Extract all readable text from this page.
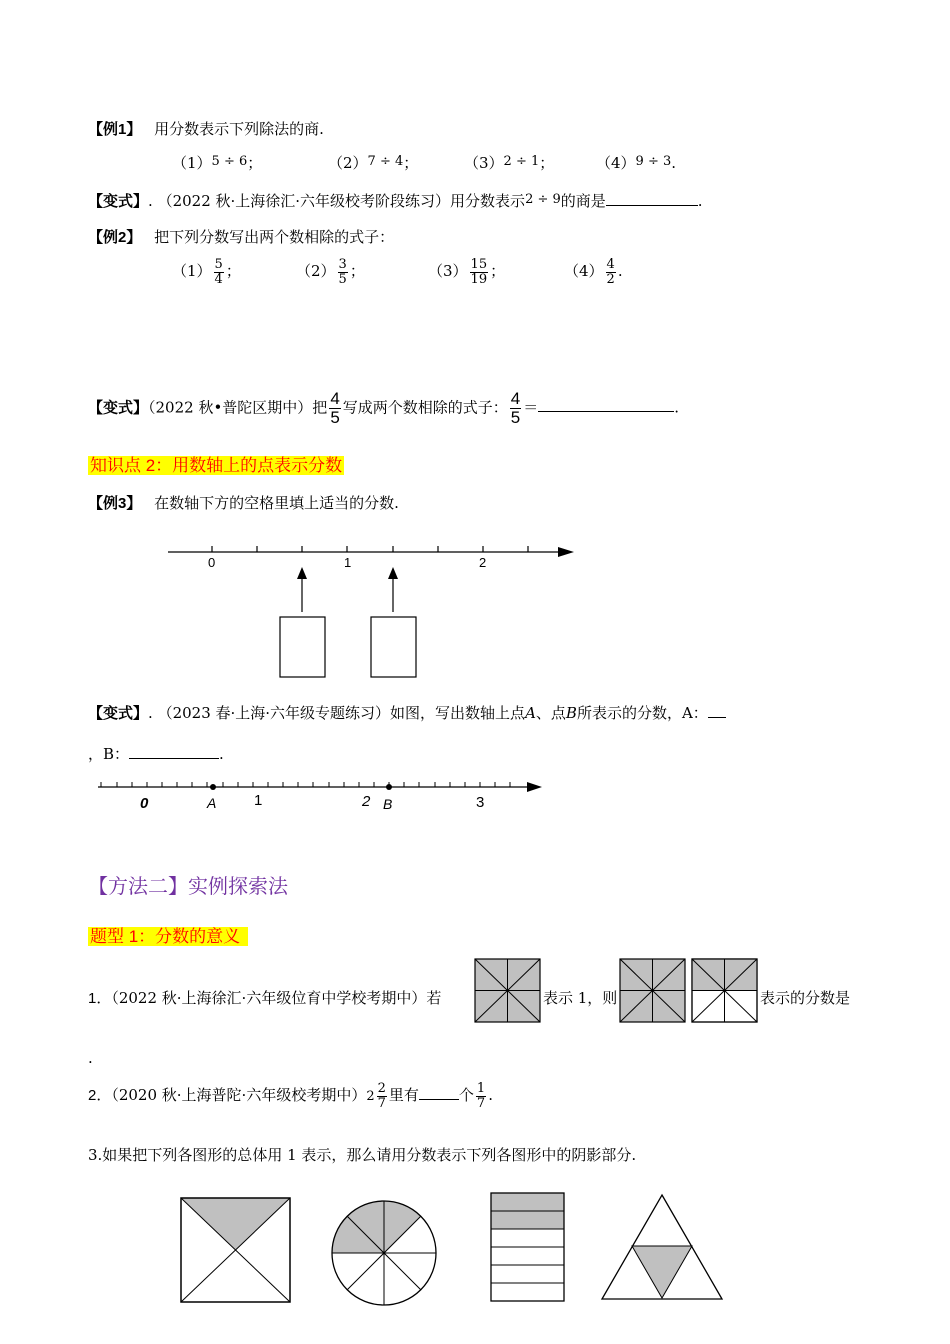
【例1】 用分数表示下列除法的商.
（1）5 ÷ 6；	（2）7 ÷ 4；	（3）2 ÷ 1；	（4）9 ÷ 3.
【变式】. （2022 秋·上海徐汇·六年级校考阶段练习）用分数表示2 ÷ 9的商是	.
【例2】 把下列分数写出两个数相除的式子：
$(1) \frac{5}{4}$ ；	$(2) \frac{3}{5}$ ；	$(3) \frac{15}{19}$ ；	$(4) \frac{4}{2}$ .
【变式】（2022 秋•普陀区期中）把 $\frac{4}{5}$ 写成两个数相除的式子： $\frac{4}{5}$ ＝	.
知识点 2：用数轴上的点表示分数
【例3】 在数轴下方的空格里填上适当的分数.
0	1	2
【变式】. （2023 春·上海·六年级专题练习）如图，写出数轴上点A、点B所表示的分数，A：
，B：	.
0	A	1	2 B	3
【方法二】实例探索法
题型 1：分数的意义
1．（2022 秋·上海徐汇·六年级位育中学校考期中）若	表示 1，则	表示的分数是
.
2．（2020 秋·上海普陀·六年级校考期中）$2 \frac{2}{7}$ 里有	个 $\frac{1}{7}$ .
3.如果把下列各图形的总体用 1 表示，那么请用分数表示下列各图形中的阴影部分.
